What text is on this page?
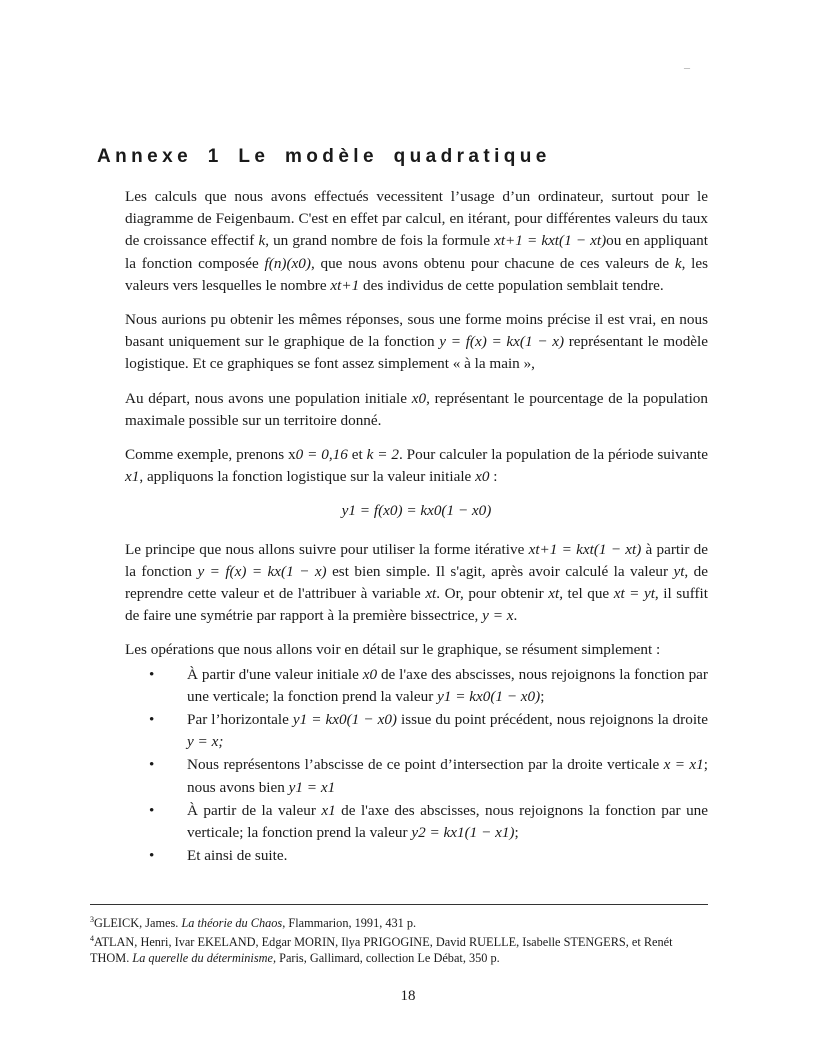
–
Annexe 1 Le modèle quadratique

Les calculs que nous avons effectués vecessitent l’usage d’un ordinateur, surtout pour le diagramme de Feigenbaum. C'est en effet par calcul, en itérant, pour différentes valeurs du taux de croissance effectif k, un grand nombre de fois la formule xt+1 = kxt(1 − xt)ou en appliquant la fonction composée f(n)(x0), que nous avons obtenu pour chacune de ces valeurs de k, les valeurs vers lesquelles le nombre xt+1 des individus de cette population semblait tendre.

Nous aurions pu obtenir les mêmes réponses, sous une forme moins précise il est vrai, en nous basant uniquement sur le graphique de la fonction y = f(x) = kx(1 − x) représentant le modèle logistique. Et ce graphiques se font assez simplement « à la main »,

Au départ, nous avons une population initiale x0, représentant le pourcentage de la population maximale possible sur un territoire donné.

Comme exemple, prenons x0 = 0,16 et k = 2. Pour calculer la population de la période suivante x1, appliquons la fonction logistique sur la valeur initiale x0 :

y1 = f(x0) = kx0(1 − x0)

Le principe que nous allons suivre pour utiliser la forme itérative xt+1 = kxt(1 − xt) à partir de la fonction y = f(x) = kx(1 − x) est bien simple. Il s'agit, après avoir calculé la valeur yt, de reprendre cette valeur et de l'attribuer à variable xt. Or, pour obtenir xt, tel que xt = yt, il suffit de faire une symétrie par rapport à la première bissectrice, y = x.

Les opérations que nous allons voir en détail sur le graphique, se résument simplement :

• À partir d'une valeur initiale x0 de l'axe des abscisses, nous rejoignons la fonction par une verticale; la fonction prend la valeur y1 = kx0(1 − x0);
• Par l’horizontale y1 = kx0(1 − x0) issue du point précédent, nous rejoignons la droite y = x;
• Nous représentons l’abscisse de ce point d’intersection par la droite verticale x = x1; nous avons bien y1 = x1
• À partir de la valeur x1 de l'axe des abscisses, nous rejoignons la fonction par une verticale; la fonction prend la valeur y2 = kx1(1 − x1);
• Et ainsi de suite.
$^3$GLEICK, James. La théorie du Chaos, Flammarion, 1991, 431 p.
$^4$ATLAN, Henri, Ivar EKELAND, Edgar MORIN, Ilya PRIGOGINE, David RUELLE, Isabelle STENGERS, et Renét THOM. La querelle du déterminisme, Paris, Gallimard, collection Le Débat, 350 p.
18
